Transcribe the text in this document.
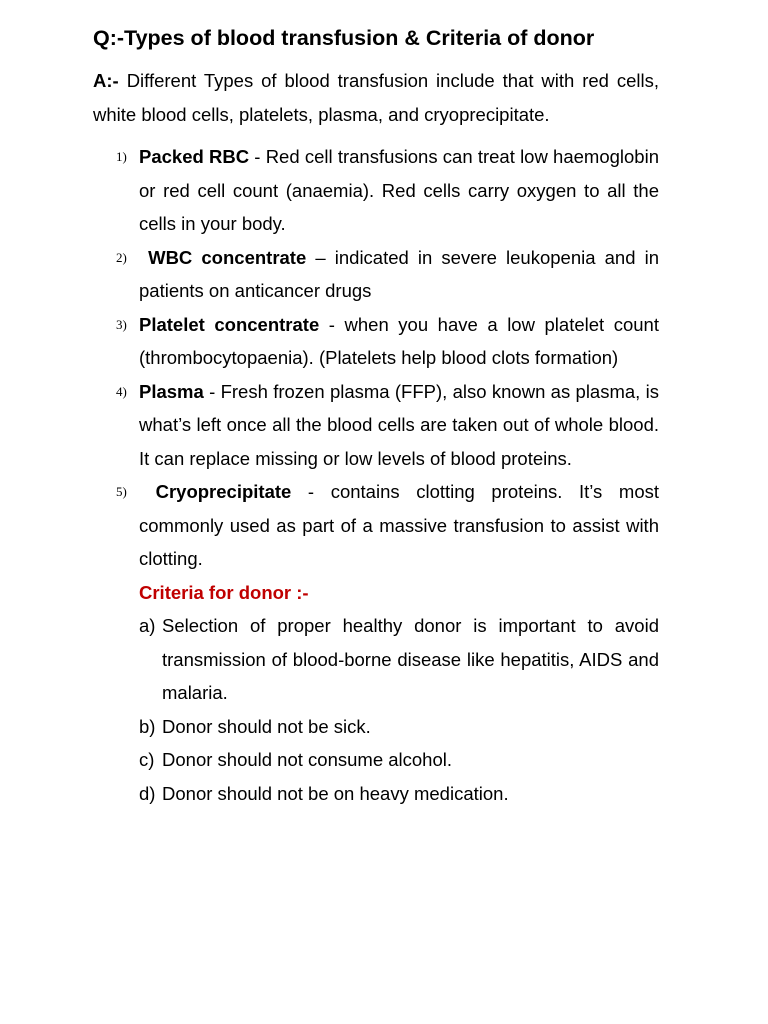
Q:-Types of blood transfusion & Criteria of donor

A:- Different Types of blood transfusion include that with red cells, white blood cells, platelets, plasma, and cryoprecipitate.

1) Packed RBC - Red cell transfusions can treat low haemoglobin or red cell count (anaemia). Red cells carry oxygen to all the cells in your body.
2) WBC concentrate – indicated in severe leukopenia and in patients on anticancer drugs
3) Platelet concentrate - when you have a low platelet count (thrombocytopaenia). (Platelets help blood clots formation)
4) Plasma - Fresh frozen plasma (FFP), also known as plasma, is what’s left once all the blood cells are taken out of whole blood. It can replace missing or low levels of blood proteins.
5) Cryoprecipitate - contains clotting proteins. It’s most commonly used as part of a massive transfusion to assist with clotting.

Criteria for donor :-

a) Selection of proper healthy donor is important to avoid transmission of blood-borne disease like hepatitis, AIDS and malaria.
b) Donor should not be sick.
c) Donor should not consume alcohol.
d) Donor should not be on heavy medication.
